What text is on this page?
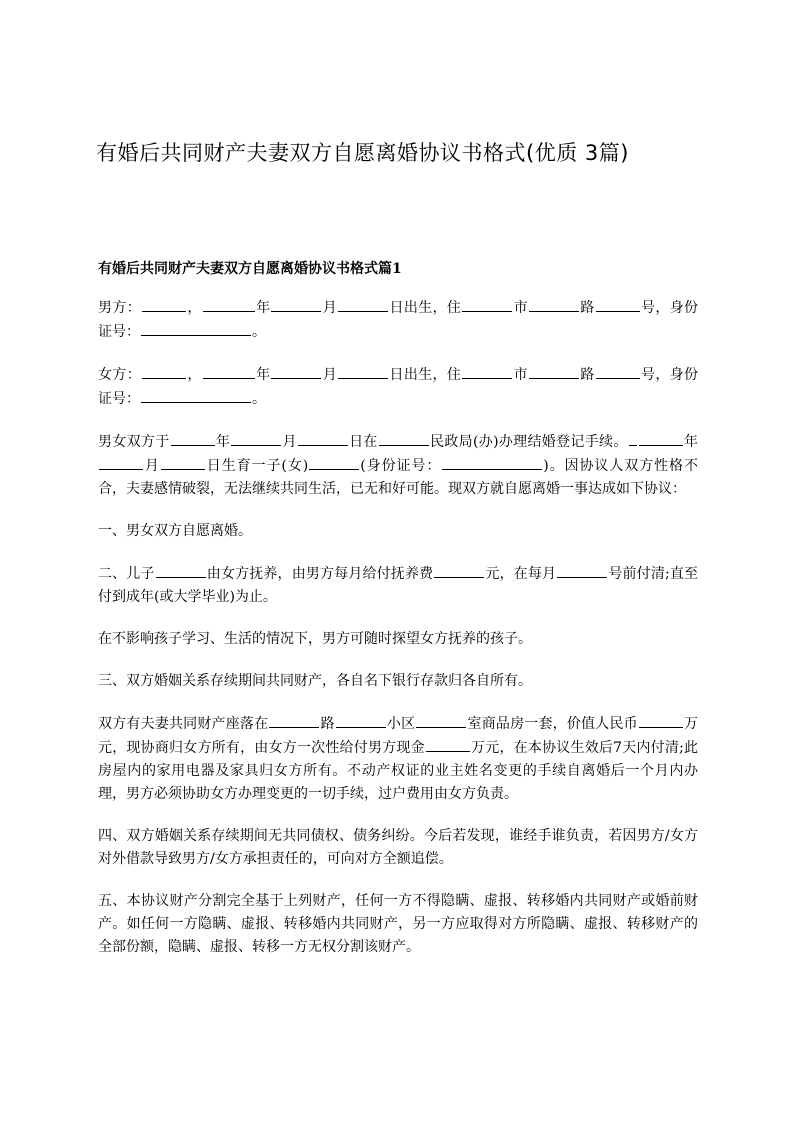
有婚后共同财产夫妻双方自愿离婚协议书格式(优质 3篇)
有婚后共同财产夫妻双方自愿离婚协议书格式篇1

男方：	，	年	月	日出生，住	市	路	号，身份证号：	。

女方：	，	年	月	日出生，住	市	路	号，身份证号：	。

男女双方于	年	月	日在	民政局(办)办理结婚登记手续。	年月	日生育一子(女)	(身份证号：	)。因协议人双方性格不合，夫妻感情破裂，无法继续共同生活，已无和好可能。现双方就自愿离婚一事达成如下协议：

一、男女双方自愿离婚。

二、儿子	由女方抚养，由男方每月给付抚养费	元，在每月	号前付清;直至付到成年(或大学毕业)为止。

在不影响孩子学习、生活的情况下，男方可随时探望女方抚养的孩子。

三、双方婚姻关系存续期间共同财产，各自名下银行存款归各自所有。

双方有夫妻共同财产座落在	路	小区	室商品房一套，价值人民币	万元，现协商归女方所有，由女方一次性给付男方现金	万元，在本协议生效后7天内付清;此房屋内的家用电器及家具归女方所有。不动产权证的业主姓名变更的手续自离婚后一个月内办理，男方必须协助女方办理变更的一切手续，过户费用由女方负责。

四、双方婚姻关系存续期间无共同债权、债务纠纷。今后若发现，谁经手谁负责，若因男方/女方对外借款导致男方/女方承担责任的，可向对方全额追偿。

五、本协议财产分割完全基于上列财产，任何一方不得隐瞒、虚报、转移婚内共同财产或婚前财产。如任何一方隐瞒、虚报、转移婚内共同财产，另一方应取得对方所隐瞒、虚报、转移财产的全部份额，隐瞒、虚报、转移一方无权分割该财产。
